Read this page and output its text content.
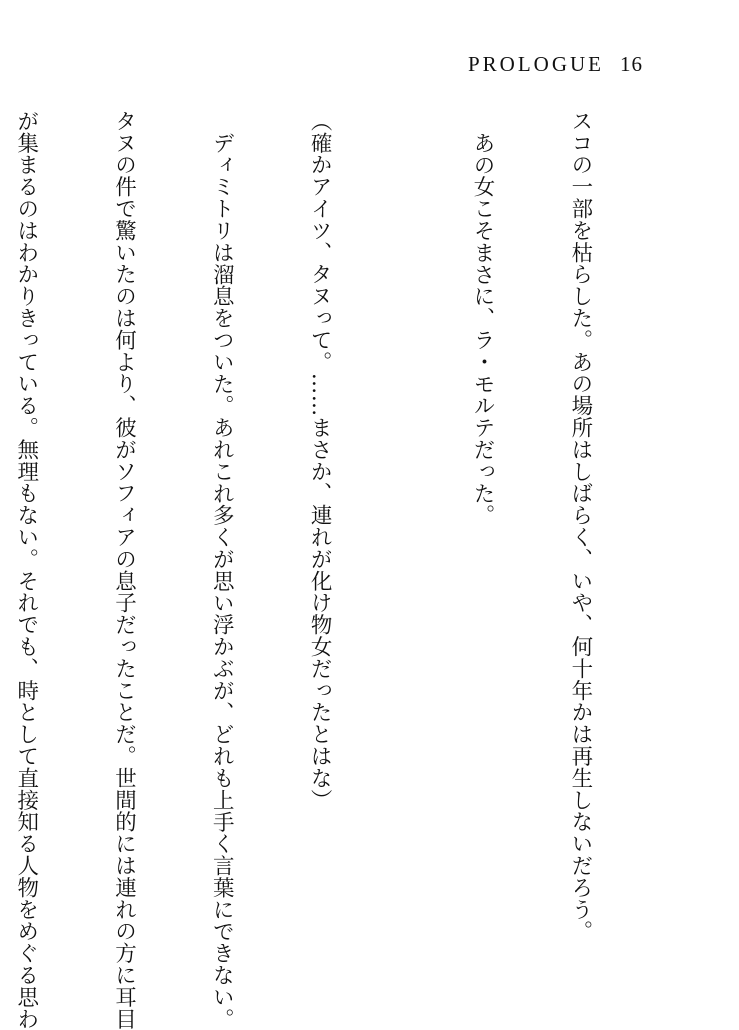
PROLOGUE 16

スコの一部を枯らした。あの場所はしばらく、いや、何十年かは再生しないだろう。

あの女こそまさに、ラ・モルテだった。

（確かアイツ、タヌって。……まさか、連れが化け物女だったとはな）

ディミトリは溜息をついた。あれこれ多くが思い浮かぶが、どれも上手く言葉にできない。

タヌの件で驚いたのは何より、彼がソフィアの息子だったことだ。世間的には連れの方に耳目

が集まるのはわかりきっている。無理もない。それでも、時として直接知る人物をめぐる思わ
